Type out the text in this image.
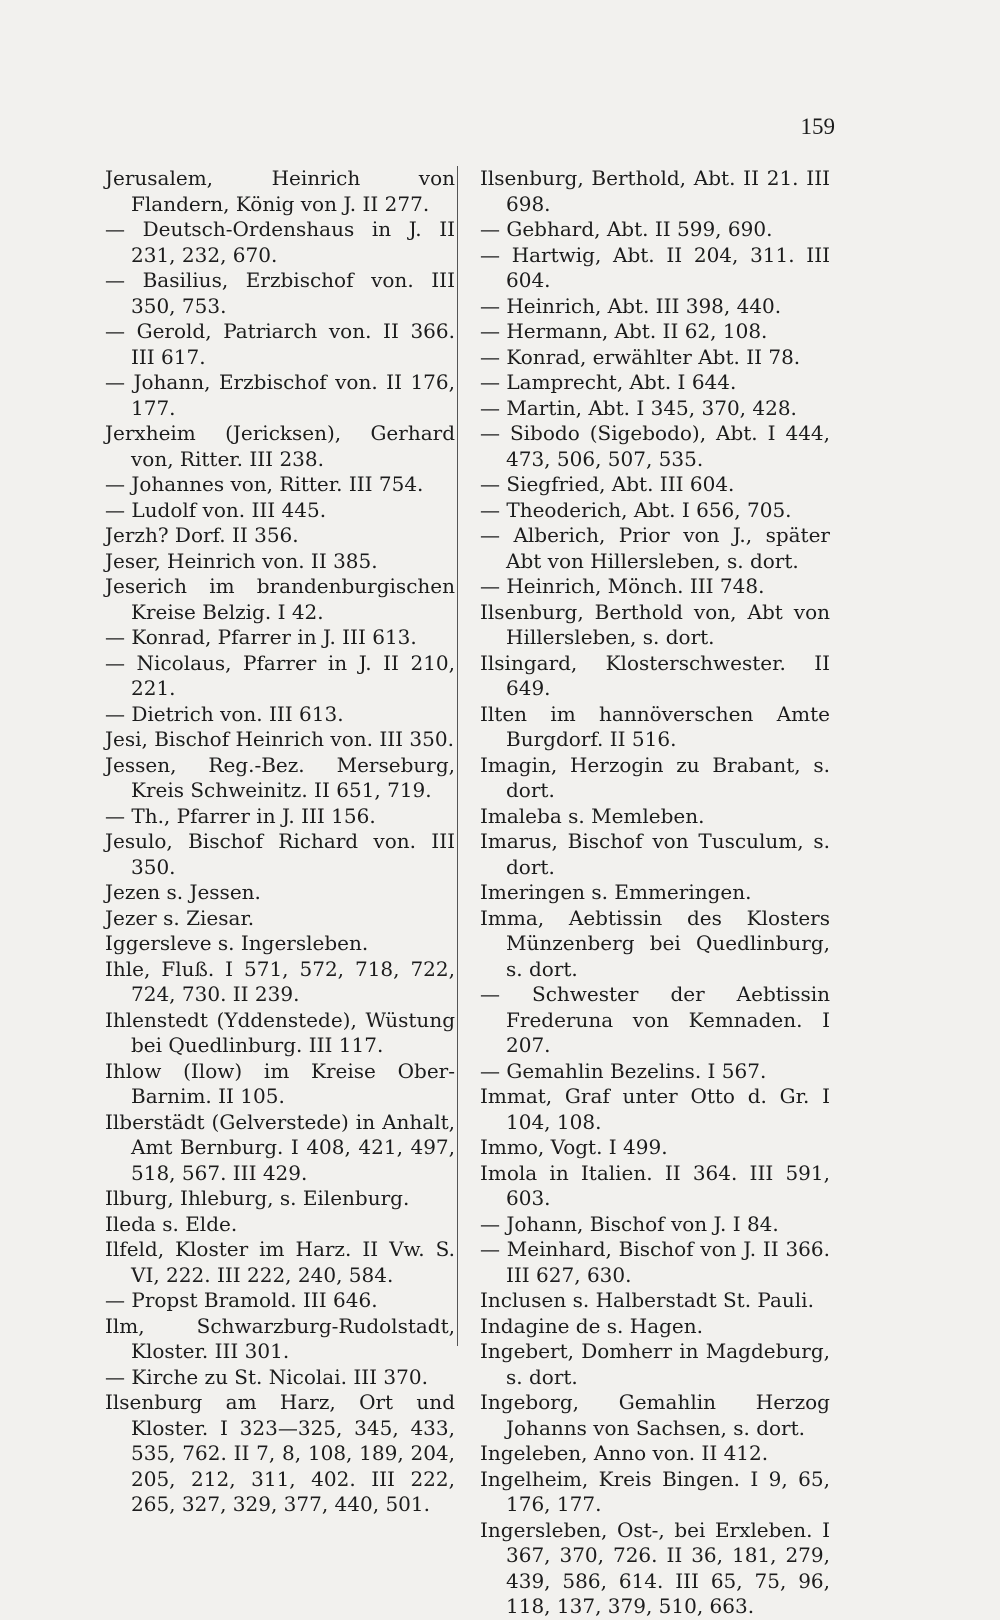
159

Jerusalem, Heinrich von Flandern, König von J. II 277.

— Deutsch-Ordenshaus in J. II 231, 232, 670.

— Basilius, Erzbischof von. III 350, 753.

— Gerold, Patriarch von. II 366. III 617.

— Johann, Erzbischof von. II 176, 177.

Jerxheim (Jericksen), Gerhard von, Ritter. III 238.

— Johannes von, Ritter. III 754.

— Ludolf von. III 445.

Jerzh? Dorf. II 356.

Jeser, Heinrich von. II 385.

Jeserich im brandenburgischen Kreise Belzig. I 42.

— Konrad, Pfarrer in J. III 613.

— Nicolaus, Pfarrer in J. II 210, 221.

— Dietrich von. III 613.

Jesi, Bischof Heinrich von. III 350.

Jessen, Reg.-Bez. Merseburg, Kreis Schweinitz. II 651, 719.

— Th., Pfarrer in J. III 156.

Jesulo, Bischof Richard von. III 350.

Jezen s. Jessen.

Jezer s. Ziesar.

Iggersleve s. Ingersleben.

Ihle, Fluß. I 571, 572, 718, 722, 724, 730. II 239.

Ihlenstedt (Yddenstede), Wüstung bei Quedlinburg. III 117.

Ihlow (Ilow) im Kreise Ober-Barnim. II 105.

Ilberstädt (Gelverstede) in Anhalt, Amt Bernburg. I 408, 421, 497, 518, 567. III 429.

Ilburg, Ihleburg, s. Eilenburg.

Ileda s. Elde.

Ilfeld, Kloster im Harz. II Vw. S. VI, 222. III 222, 240, 584.

— Propst Bramold. III 646.

Ilm, Schwarzburg-Rudolstadt, Kloster. III 301.

— Kirche zu St. Nicolai. III 370.

Ilsenburg am Harz, Ort und Kloster. I 323—325, 345, 433, 535, 762. II 7, 8, 108, 189, 204, 205, 212, 311, 402. III 222, 265, 327, 329, 377, 440, 501.

Ilsenburg, Berthold, Abt. II 21. III 698.

— Gebhard, Abt. II 599, 690.

— Hartwig, Abt. II 204, 311. III 604.

— Heinrich, Abt. III 398, 440.

— Hermann, Abt. II 62, 108.

— Konrad, erwählter Abt. II 78.

— Lamprecht, Abt. I 644.

— Martin, Abt. I 345, 370, 428.

— Sibodo (Sigebodo), Abt. I 444, 473, 506, 507, 535.

— Siegfried, Abt. III 604.

— Theoderich, Abt. I 656, 705.

— Alberich, Prior von J., später Abt von Hillersleben, s. dort.

— Heinrich, Mönch. III 748.

Ilsenburg, Berthold von, Abt von Hillersleben, s. dort.

Ilsingard, Klosterschwester. II 649.

Ilten im hannöverschen Amte Burgdorf. II 516.

Imagin, Herzogin zu Brabant, s. dort.

Imaleba s. Memleben.

Imarus, Bischof von Tusculum, s. dort.

Imeringen s. Emmeringen.

Imma, Aebtissin des Klosters Münzenberg bei Quedlinburg, s. dort.

— Schwester der Aebtissin Frederuna von Kemnaden. I 207.

— Gemahlin Bezelins. I 567.

Immat, Graf unter Otto d. Gr. I 104, 108.

Immo, Vogt. I 499.

Imola in Italien. II 364. III 591, 603.

— Johann, Bischof von J. I 84.

— Meinhard, Bischof von J. II 366. III 627, 630.

Inclusen s. Halberstadt St. Pauli.

Indagine de s. Hagen.

Ingebert, Domherr in Magdeburg, s. dort.

Ingeborg, Gemahlin Herzog Johanns von Sachsen, s. dort.

Ingeleben, Anno von. II 412.

Ingelheim, Kreis Bingen. I 9, 65, 176, 177.

Ingersleben, Ost-, bei Erxleben. I 367, 370, 726. II 36, 181, 279, 439, 586, 614. III 65, 75, 96, 118, 137, 379, 510, 663.
